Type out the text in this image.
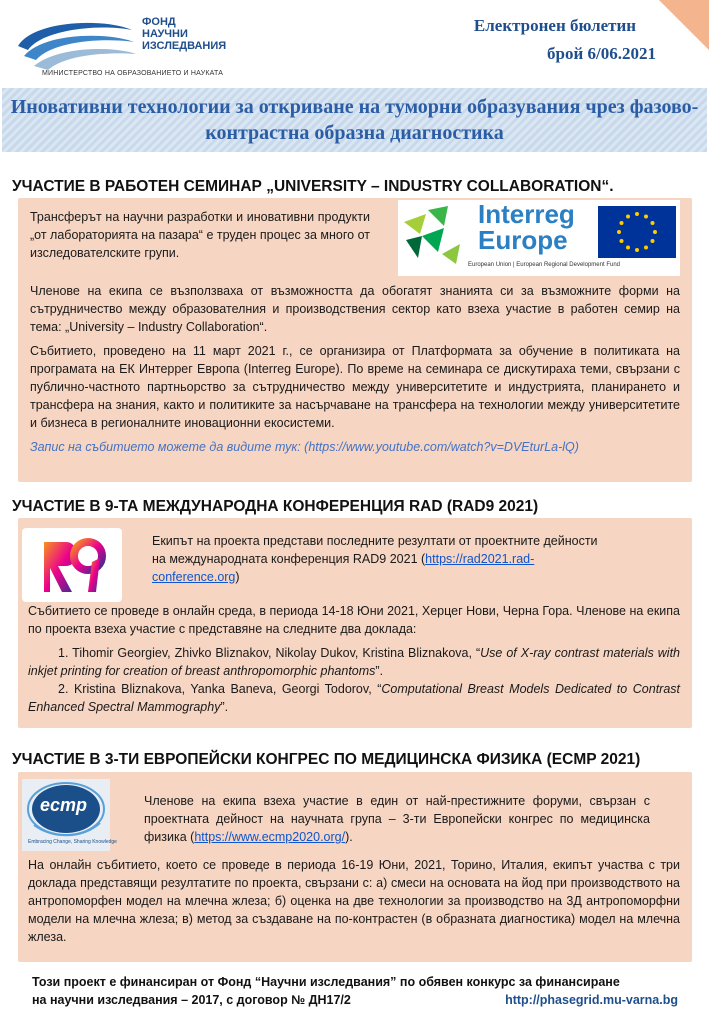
ФОНД
НАУЧНИ
ИЗСЛЕДВАНИЯ
МИНИСТЕРСТВО НА ОБРАЗОВАНИЕТО И НАУКАТА
Електронен бюлетин
брой 6/06.2021
Иновативни технологии за откриване на туморни образувания чрез фазово-контрастна образна диагностика
УЧАСТИЕ В РАБОТЕН СЕМИНАР „UNIVERSITY – INDUSTRY COLLABORATION“.
Трансферът на научни разработки и иновативни продукти „от лабораторията на пазара“ е труден процес за много от изследователските групи.
Interreg
Europe
European Union | European Regional Development Fund

Членове на екипа се възползваха от възможността да обогатят знанията си за възможните форми на сътрудничество между образователния и производствения сектор като взеха участие в работен семир на тема: „University – Industry Collaboration“.

Събитието, проведено на 11 март 2021 г., се организира от Платформата за обучение в политиката на програмата на ЕК Интеррег Европа (Interreg Europe). По време на семинара се дискутираха теми, свързани с публично-частното партньорство за сътрудничество между университетите и индустрията, планирането и трансфера на знания, както и политиките за насърчаване на трансфера на технологии между университетите и бизнеса в регионалните иновационни екосистеми.

Запис на събитието можете да видите тук: (https://www.youtube.com/watch?v=DVEturLa-lQ)

УЧАСТИЕ В 9-ТА МЕЖДУНАРОДНА КОНФЕРЕНЦИЯ RAD (RAD9 2021)
Екипът на проекта представи последните резултати от проектните дейности на международната конференция RAD9 2021 (https://rad2021.rad-conference.org)

Събитието се проведе в онлайн среда, в периода 14-18 Юни 2021, Херцег Нови, Черна Гора. Членове на екипа по проекта взеха участие с представяне на следните два доклада:

1. Tihomir Georgiev, Zhivko Bliznakov, Nikolay Dukov, Kristina Bliznakova, “Use of X-ray contrast materials with inkjet printing for creation of breast anthropomorphic phantoms”.

2. Kristina Bliznakova, Yanka Baneva, Georgi Todorov, “Computational Breast Models Dedicated to Contrast Enhanced Spectral Mammography”.

УЧАСТИЕ В 3-ТИ ЕВРОПЕЙСКИ КОНГРЕС ПО МЕДИЦИНСКА ФИЗИКА (ECMP 2021)
ecmp
Embracing Change, Sharing Knowledge
Членове на екипа взеха участие в един от най-престижните форуми, свързан с проектната дейност на научната група – 3-ти Европейски конгрес по медицинска физика (https://www.ecmp2020.org/).

На онлайн събитието, което се проведе в периода 16-19 Юни, 2021, Торино, Италия, екипът участва с три доклада представящи резултатите по проекта, свързани с: а) смеси на основата на йод при производството на антропоморфен модел на млечна жлеза; б) оценка на две технологии за производство на 3Д антропоморфни модели на млечна жлеза; в) метод за създаване на по-контрастен (в образната диагностика) модел на млечна жлеза.

Този проект е финансиран от Фонд “Научни изследвания” по обявен конкурс за финансиране
на научни изследвания – 2017, с договор № ДН17/2	http://phasegrid.mu-varna.bg
